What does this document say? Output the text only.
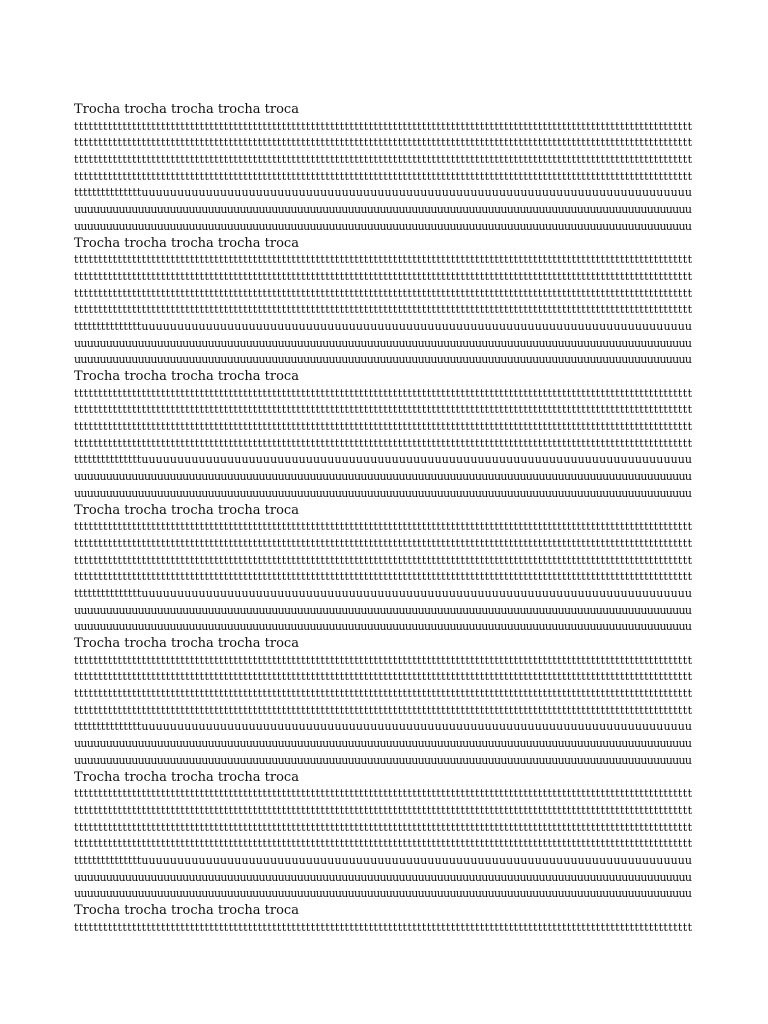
Trocha trocha trocha trocha troca
tttttttttttttttttttttttttttttttttttttttttttttttttttttttttttttttttttttttttttttttttttttttttttttttttttttttttttttttttttttttttttttttt
tttttttttttttttttttttttttttttttttttttttttttttttttttttttttttttttttttttttttttttttttttttttttttttttttttttttttttttttttttttttttttttttt
tttttttttttttttttttttttttttttttttttttttttttttttttttttttttttttttttttttttttttttttttttttttttttttttttttttttttttttttttttttttttttttttt
tttttttttttttttttttttttttttttttttttttttttttttttttttttttttttttttttttttttttttttttttttttttttttttttttttttttttttttttttttttttttttttttt
tttttttttttttttuuuuuuuuuuuuuuuuuuuuuuuuuuuuuuuuuuuuuuuuuuuuuuuuuuuuuuuuuuuuuuuuuuuuuuuuuuuuu
uuuuuuuuuuuuuuuuuuuuuuuuuuuuuuuuuuuuuuuuuuuuuuuuuuuuuuuuuuuuuuuuuuuuuuuuuuuuuuuuuuuuuuuuuuuuuuuuu
uuuuuuuuuuuuuuuuuuuuuuuuuuuuuuuuuuuuuuuuuuuuuuuuuuuuuuuuuuuuuuuuuuuuuuuuuuuuuuuuuuuuuuuuuuuuuuuuu
Trocha trocha trocha trocha troca
tttttttttttttttttttttttttttttttttttttttttttttttttttttttttttttttttttttttttttttttttttttttttttttttttttttttttttttttttttttttttttttttt
tttttttttttttttttttttttttttttttttttttttttttttttttttttttttttttttttttttttttttttttttttttttttttttttttttttttttttttttttttttttttttttttt
tttttttttttttttttttttttttttttttttttttttttttttttttttttttttttttttttttttttttttttttttttttttttttttttttttttttttttttttttttttttttttttttt
tttttttttttttttttttttttttttttttttttttttttttttttttttttttttttttttttttttttttttttttttttttttttttttttttttttttttttttttttttttttttttttttt
tttttttttttttttuuuuuuuuuuuuuuuuuuuuuuuuuuuuuuuuuuuuuuuuuuuuuuuuuuuuuuuuuuuuuuuuuuuuuuuuuuuuu
uuuuuuuuuuuuuuuuuuuuuuuuuuuuuuuuuuuuuuuuuuuuuuuuuuuuuuuuuuuuuuuuuuuuuuuuuuuuuuuuuuuuuuuuuuuuuuuuu
uuuuuuuuuuuuuuuuuuuuuuuuuuuuuuuuuuuuuuuuuuuuuuuuuuuuuuuuuuuuuuuuuuuuuuuuuuuuuuuuuuuuuuuuuuuuuuuuu
Trocha trocha trocha trocha troca
tttttttttttttttttttttttttttttttttttttttttttttttttttttttttttttttttttttttttttttttttttttttttttttttttttttttttttttttttttttttttttttttt
tttttttttttttttttttttttttttttttttttttttttttttttttttttttttttttttttttttttttttttttttttttttttttttttttttttttttttttttttttttttttttttttt
tttttttttttttttttttttttttttttttttttttttttttttttttttttttttttttttttttttttttttttttttttttttttttttttttttttttttttttttttttttttttttttttt
tttttttttttttttttttttttttttttttttttttttttttttttttttttttttttttttttttttttttttttttttttttttttttttttttttttttttttttttttttttttttttttttt
tttttttttttttttuuuuuuuuuuuuuuuuuuuuuuuuuuuuuuuuuuuuuuuuuuuuuuuuuuuuuuuuuuuuuuuuuuuuuuuuuuuuu
uuuuuuuuuuuuuuuuuuuuuuuuuuuuuuuuuuuuuuuuuuuuuuuuuuuuuuuuuuuuuuuuuuuuuuuuuuuuuuuuuuuuuuuuuuuuuuuuu
uuuuuuuuuuuuuuuuuuuuuuuuuuuuuuuuuuuuuuuuuuuuuuuuuuuuuuuuuuuuuuuuuuuuuuuuuuuuuuuuuuuuuuuuuuuuuuuuu
Trocha trocha trocha trocha troca
tttttttttttttttttttttttttttttttttttttttttttttttttttttttttttttttttttttttttttttttttttttttttttttttttttttttttttttttttttttttttttttttt
tttttttttttttttttttttttttttttttttttttttttttttttttttttttttttttttttttttttttttttttttttttttttttttttttttttttttttttttttttttttttttttttt
tttttttttttttttttttttttttttttttttttttttttttttttttttttttttttttttttttttttttttttttttttttttttttttttttttttttttttttttttttttttttttttttt
tttttttttttttttttttttttttttttttttttttttttttttttttttttttttttttttttttttttttttttttttttttttttttttttttttttttttttttttttttttttttttttttt
tttttttttttttttuuuuuuuuuuuuuuuuuuuuuuuuuuuuuuuuuuuuuuuuuuuuuuuuuuuuuuuuuuuuuuuuuuuuuuuuuuuuu
uuuuuuuuuuuuuuuuuuuuuuuuuuuuuuuuuuuuuuuuuuuuuuuuuuuuuuuuuuuuuuuuuuuuuuuuuuuuuuuuuuuuuuuuuuuuuuuuu
uuuuuuuuuuuuuuuuuuuuuuuuuuuuuuuuuuuuuuuuuuuuuuuuuuuuuuuuuuuuuuuuuuuuuuuuuuuuuuuuuuuuuuuuuuuuuuuuu
Trocha trocha trocha trocha troca
tttttttttttttttttttttttttttttttttttttttttttttttttttttttttttttttttttttttttttttttttttttttttttttttttttttttttttttttttttttttttttttttt
tttttttttttttttttttttttttttttttttttttttttttttttttttttttttttttttttttttttttttttttttttttttttttttttttttttttttttttttttttttttttttttttt
tttttttttttttttttttttttttttttttttttttttttttttttttttttttttttttttttttttttttttttttttttttttttttttttttttttttttttttttttttttttttttttttt
tttttttttttttttttttttttttttttttttttttttttttttttttttttttttttttttttttttttttttttttttttttttttttttttttttttttttttttttttttttttttttttttt
tttttttttttttttuuuuuuuuuuuuuuuuuuuuuuuuuuuuuuuuuuuuuuuuuuuuuuuuuuuuuuuuuuuuuuuuuuuuuuuuuuuuu
uuuuuuuuuuuuuuuuuuuuuuuuuuuuuuuuuuuuuuuuuuuuuuuuuuuuuuuuuuuuuuuuuuuuuuuuuuuuuuuuuuuuuuuuuuuuuuuuu
uuuuuuuuuuuuuuuuuuuuuuuuuuuuuuuuuuuuuuuuuuuuuuuuuuuuuuuuuuuuuuuuuuuuuuuuuuuuuuuuuuuuuuuuuuuuuuuuu
Trocha trocha trocha trocha troca
tttttttttttttttttttttttttttttttttttttttttttttttttttttttttttttttttttttttttttttttttttttttttttttttttttttttttttttttttttttttttttttttt
tttttttttttttttttttttttttttttttttttttttttttttttttttttttttttttttttttttttttttttttttttttttttttttttttttttttttttttttttttttttttttttttt
tttttttttttttttttttttttttttttttttttttttttttttttttttttttttttttttttttttttttttttttttttttttttttttttttttttttttttttttttttttttttttttttt
tttttttttttttttttttttttttttttttttttttttttttttttttttttttttttttttttttttttttttttttttttttttttttttttttttttttttttttttttttttttttttttttt
tttttttttttttttuuuuuuuuuuuuuuuuuuuuuuuuuuuuuuuuuuuuuuuuuuuuuuuuuuuuuuuuuuuuuuuuuuuuuuuuuuuuu
uuuuuuuuuuuuuuuuuuuuuuuuuuuuuuuuuuuuuuuuuuuuuuuuuuuuuuuuuuuuuuuuuuuuuuuuuuuuuuuuuuuuuuuuuuuuuuuuu
uuuuuuuuuuuuuuuuuuuuuuuuuuuuuuuuuuuuuuuuuuuuuuuuuuuuuuuuuuuuuuuuuuuuuuuuuuuuuuuuuuuuuuuuuuuuuuuuu
Trocha trocha trocha trocha troca
tttttttttttttttttttttttttttttttttttttttttttttttttttttttttttttttttttttttttttttttttttttttttttttttttttttttttttttttttttttttttttttttt
